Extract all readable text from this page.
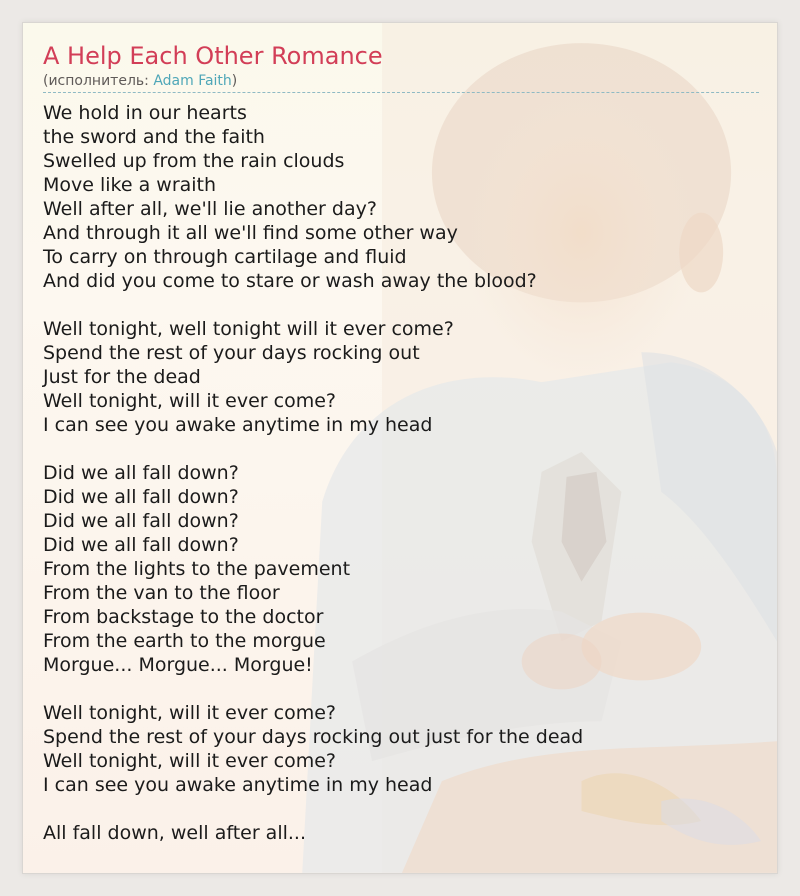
A Help Each Other Romance
(исполнитель: Adam Faith)
We hold in our hearts
the sword and the faith
Swelled up from the rain clouds
Move like a wraith
Well after all, we'll lie another day?
And through it all we'll find some other way
To carry on through cartilage and fluid
And did you come to stare or wash away the blood?
Well tonight, well tonight will it ever come?
Spend the rest of your days rocking out
Just for the dead
Well tonight, will it ever come?
I can see you awake anytime in my head
Did we all fall down?
Did we all fall down?
Did we all fall down?
Did we all fall down?
From the lights to the pavement
From the van to the floor
From backstage to the doctor
From the earth to the morgue
Morgue... Morgue... Morgue!
Well tonight, will it ever come?
Spend the rest of your days rocking out just for the dead
Well tonight, will it ever come?
I can see you awake anytime in my head
All fall down, well after all...
